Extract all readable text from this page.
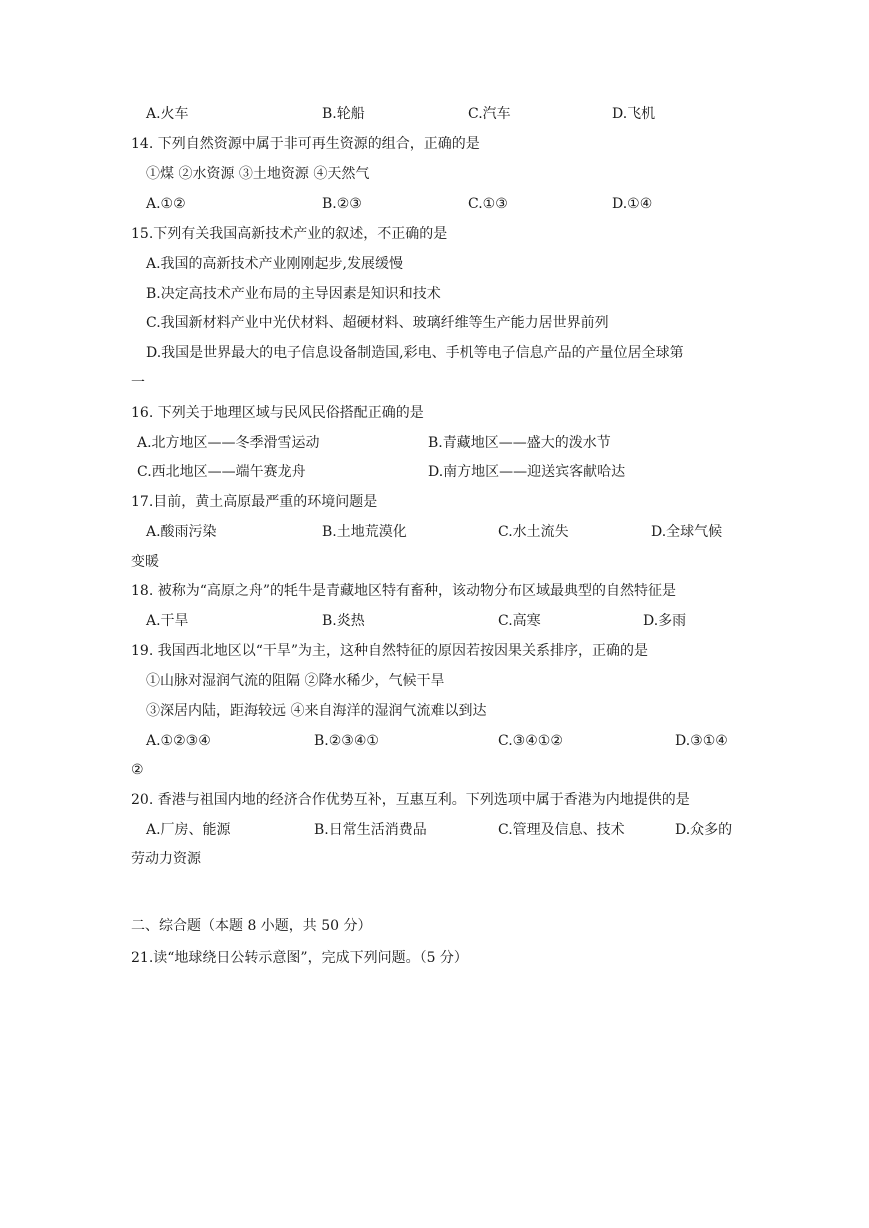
A.火车	B.轮船	C.汽车	D.飞机
14. 下列自然资源中属于非可再生资源的组合，正确的是
①煤 ②水资源 ③土地资源 ④天然气
A.①②	B.②③	C.①③	D.①④
15.下列有关我国高新技术产业的叙述，不正确的是
A.我国的高新技术产业刚刚起步,发展缓慢
B.决定高技术产业布局的主导因素是知识和技术
C.我国新材料产业中光伏材料、超硬材料、玻璃纤维等生产能力居世界前列
D.我国是世界最大的电子信息设备制造国,彩电、手机等电子信息产品的产量位居全球第
一
16. 下列关于地理区域与民风民俗搭配正确的是
A.北方地区——冬季滑雪运动	B.青藏地区——盛大的泼水节
C.西北地区——端午赛龙舟	D.南方地区——迎送宾客献哈达
17.目前，黄土高原最严重的环境问题是
A.酸雨污染	B.土地荒漠化	C.水土流失	D.全球气候
变暖
18. 被称为“高原之舟”的牦牛是青藏地区特有畜种，该动物分布区域最典型的自然特征是
A.干旱	B.炎热	C.高寒	D.多雨
19. 我国西北地区以“干旱”为主，这种自然特征的原因若按因果关系排序，正确的是
①山脉对湿润气流的阻隔 ②降水稀少，气候干旱
③深居内陆，距海较远 ④来自海洋的湿润气流难以到达
A.①②③④	B.②③④①	C.③④①②	D.③①④
②
20. 香港与祖国内地的经济合作优势互补，互惠互利。下列选项中属于香港为内地提供的是
A.厂房、能源	B.日常生活消费品	C.管理及信息、技术	D.众多的
劳动力资源
二、综合题（本题 8 小题，共 50 分）
21.读“地球绕日公转示意图”，完成下列问题。（5 分）
